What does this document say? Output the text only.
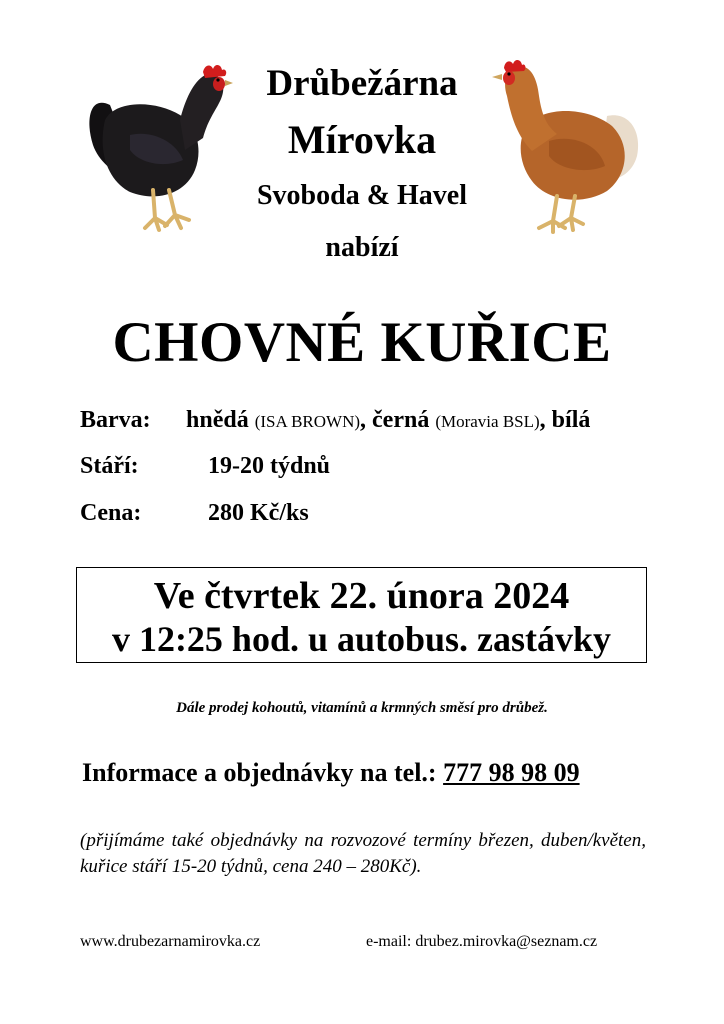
Drůbežárna
Mírovka
Svoboda & Havel
nabízí
CHOVNÉ KUŘICE
Barva: hnědá (ISA BROWN), černá (Moravia BSL), bílá
Stáří:	19-20 týdnů
Cena:	280 Kč/ks
Ve čtvrtek 22. února 2024
v 12:25 hod. u autobus. zastávky
Dále prodej kohoutů, vitamínů a krmných směsí pro drůbež.
Informace a objednávky na tel.: 777 98 98 09
(přijímáme také objednávky na rozvozové termíny březen, duben/květen, kuřice stáří 15-20 týdnů, cena 240 – 280Kč).
www.drubezarnamirovka.cz	e-mail: drubez.mirovka@seznam.cz
